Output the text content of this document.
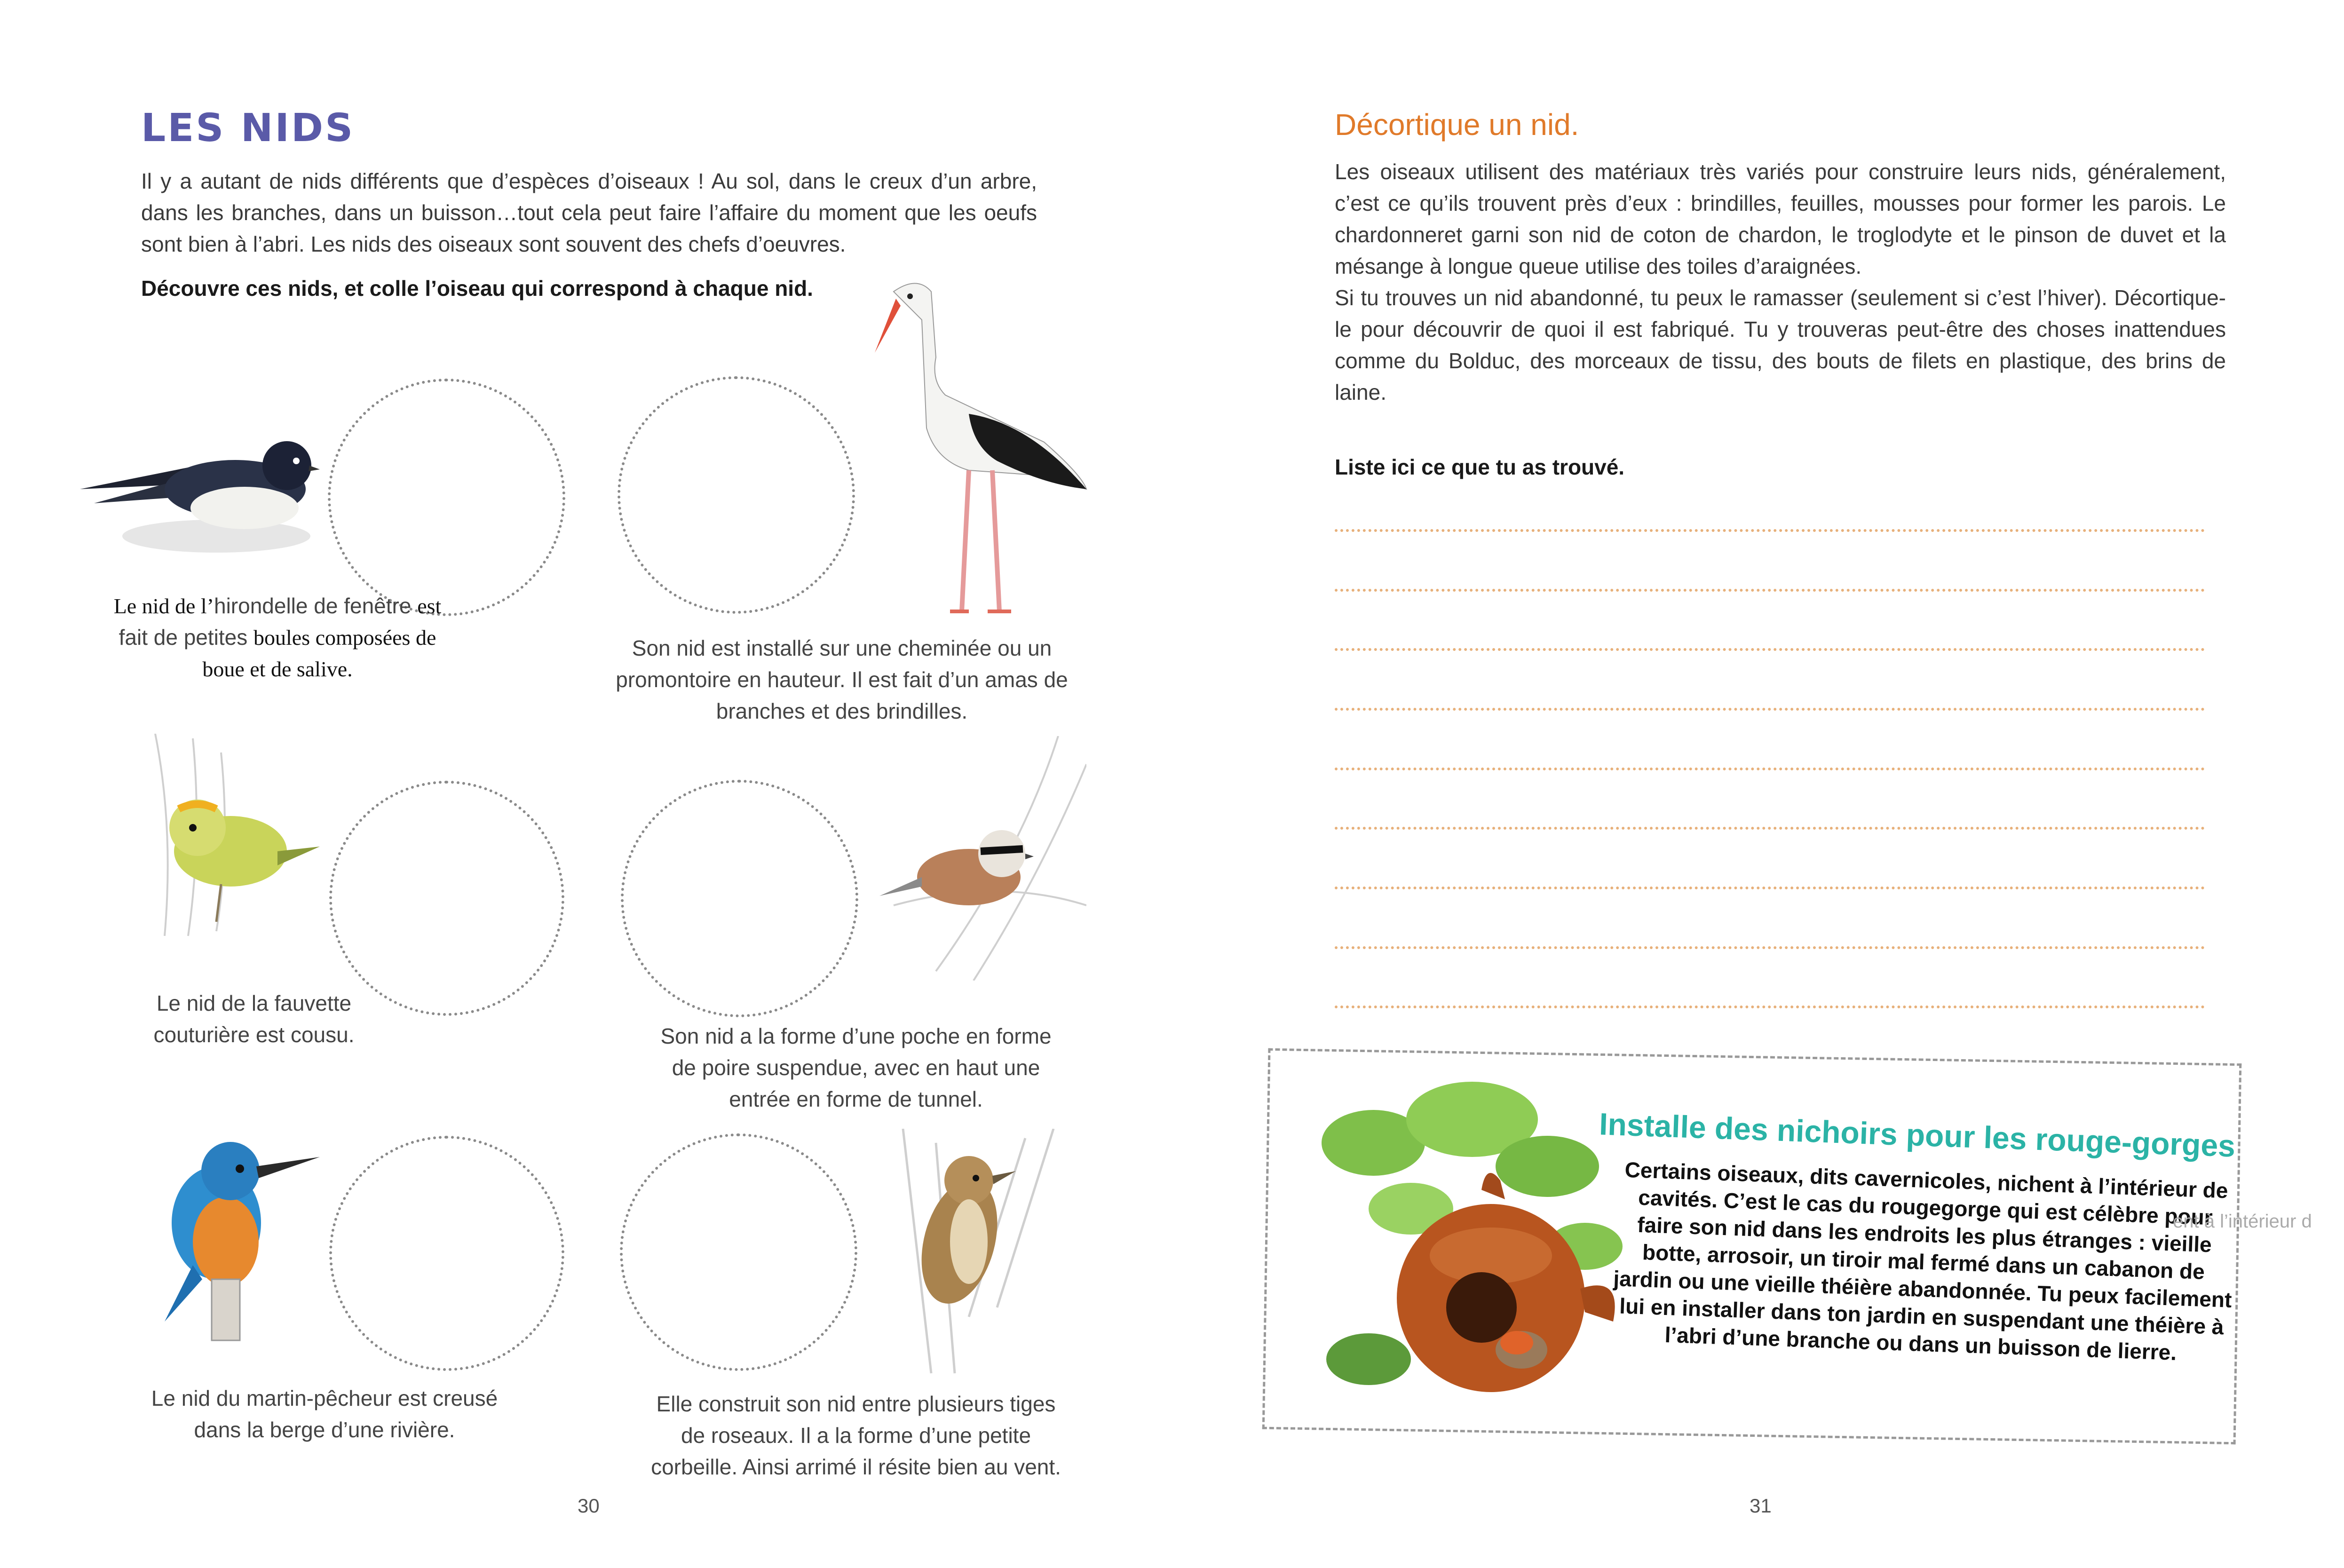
LES NIDS
Il y a autant de nids différents que d’espèces d’oiseaux ! Au sol, dans le creux d’un arbre, dans les branches, dans un buisson…tout cela peut faire l’affaire du moment que les oeufs sont bien à l’abri. Les nids des oiseaux sont souvent des chefs d’oeuvres.
Découvre ces nids, et colle l’oiseau qui correspond à chaque nid.
Le nid de l’hirondelle de fenêtre est
fait de petites boules composées de
boue et de salive.
Son nid est installé sur une cheminée ou un promontoire en hauteur. Il est fait d’un amas de branches et des brindilles.
Le nid de la fauvette couturière est cousu.	Son nid a la forme d’une poche en forme de poire suspendue, avec en haut une entrée en forme de tunnel.
Le nid du martin-pêcheur est creusé dans la berge d’une rivière.
Elle construit son nid entre plusieurs tiges de roseaux. Il a la forme d’une petite corbeille. Ainsi arrimé il résite bien au vent.
30
Décortique un nid.
Les oiseaux utilisent des matériaux très variés pour construire leurs nids, généralement, c’est ce qu’ils trouvent près d’eux : brindilles, feuilles, mousses pour former les parois. Le chardonneret garni son nid de coton de chardon, le troglodyte et le pinson de duvet et la mésange à longue queue utilise des toiles d’araignées.
Si tu trouves un nid abandonné, tu peux le ramasser (seulement si c’est l’hiver). Décortique-le pour découvrir de quoi il est fabriqué. Tu y trouveras peut-être des choses inattendues comme du Bolduc, des morceaux de tissu, des bouts de filets en plastique, des brins de laine.
Liste ici ce que tu as trouvé.
Installe des nichoirs pour les rouge-gorges
Certains oiseaux, dits cavernicoles, nichent à l’intérieur de cavités. C’est le cas du rougegorge qui est célèbre pour faire son nid dans les endroits les plus étranges : vieille botte, arrosoir, un tiroir mal fermé dans un cabanon de jardin ou une vieille théière abandonnée. Tu peux facilement lui en installer dans ton jardin en suspendant une théière à l’abri d’une branche ou dans un buisson de lierre.
ent à l’intérieur d
31
